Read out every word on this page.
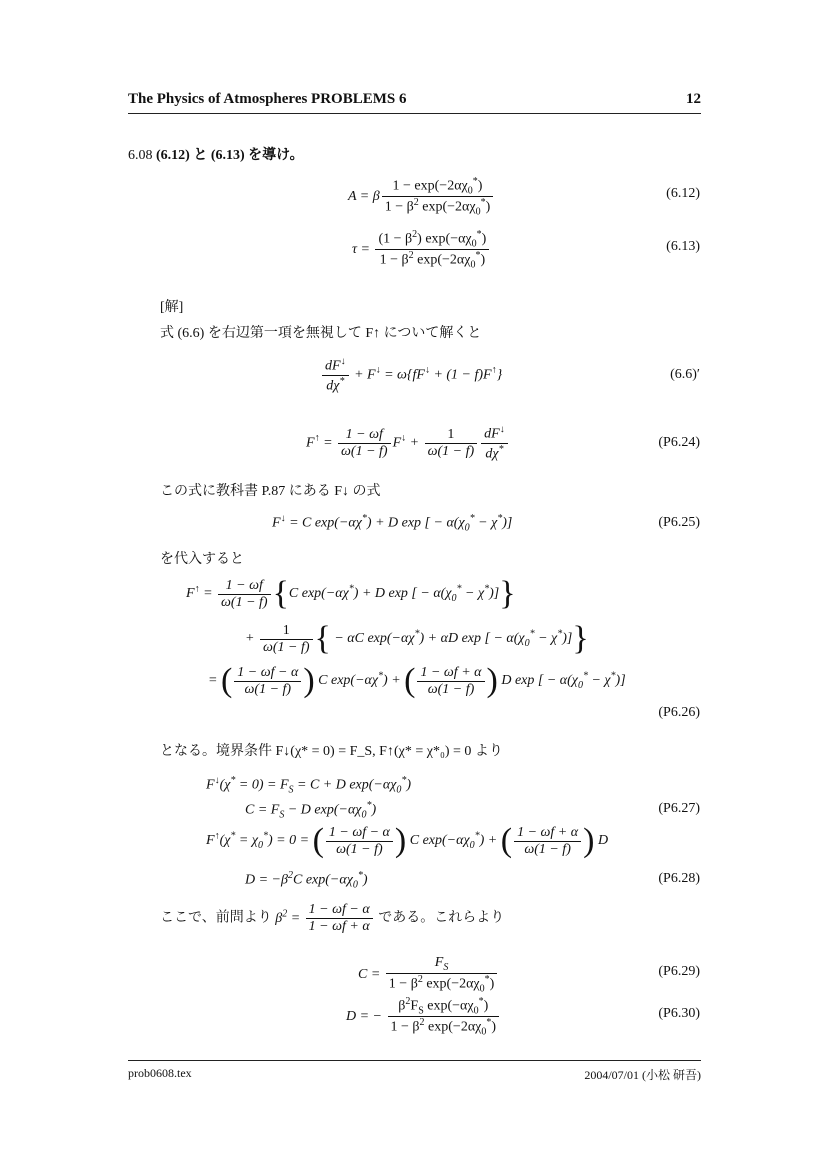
The Physics of Atmospheres PROBLEMS 6	12
6.08 (6.12) と (6.13) を導け。
A = β $\frac{1 - \exp(-2\alpha\chi_0^*)}{1 - \beta^2 \exp(-2\alpha\chi_0^*)}$	(6.12)
$\tau = \frac{(1 - \beta^2) \exp(-\alpha\chi_0^*)}{1 - \beta^2 \exp(-2\alpha\chi_0^*)}$	(6.13)
[解]
式 (6.6) を右辺第一項を無視して F↑ について解くと
$\frac{dF^↓}{d\chi^*} + F^↓ = \omega\{fF^↓ + (1 - f)F^↑\}$	(6.6)′
$F^↑ = \frac{1 - \omega f}{\omega(1 - f)} F^↓ + \frac{1}{\omega(1 - f)} \frac{dF^↓}{d\chi^*}$	(P6.24)
この式に教科書 P.87 にある F↓ の式
F↓ = C exp(−αχ*) + D exp [ − $\alpha(\chi_0^* - \chi^*)$]	(P6.25)
を代入すると
$F^↑ = \frac{1 - \omega f}{\omega(1 - f)} \{C$ exp(−αχ*) + D exp [ − $\alpha(\chi_0^* - \chi^*)$]}
+ $\frac{1}{\omega(1 - f)}$ { − αC exp(−αχ*) + αD exp [ − $\alpha(\chi_0^* - \chi^*)$]}
= ( $\frac{1 - \omega f - \alpha}{\omega(1 - f)}$ ) C exp(−αχ*) + ( $\frac{1 - \omega f + \alpha}{\omega(1 - f)}$ ) D exp [ − $\alpha(\chi_0^* - \chi^*)$]
(P6.26)
となる。境界条件 F↓(χ* = 0) = F_S, F↑(χ* = χ*₀) = 0 より
$F^↓(\chi^* = 0) = F_S = C + D$ $\exp(-\alpha\chi_0^*)$
$C = F_S - D$ $\exp(-\alpha\chi_0^*)$	(P6.27)
$F^↑(\chi^* = \chi_0^*) = 0$ = ( $\frac{1 - \omega f - \alpha}{\omega(1 - f)}$ ) C $\exp(-\alpha\chi_0^*)$ + ( $\frac{1 - \omega f + \alpha}{\omega(1 - f)}$ ) D
$D = -\beta^2C$ $\exp(-\alpha\chi_0^*)$	(P6.28)
ここで、前問より $\beta^2 = \frac{1 - \omega f - \alpha}{1 - \omega f + \alpha}$ である。これらより
$C = \frac{F_S}{1 - \beta^2 \exp(-2\alpha\chi_0^*)}$	(P6.29)
D = − $\frac{\beta^2F_S \exp(-\alpha\chi_0^*)}{1 - \beta^2 \exp(-2\alpha\chi_0^*)}$	(P6.30)
prob0608.tex	2004/07/01 (小松 研吾)
